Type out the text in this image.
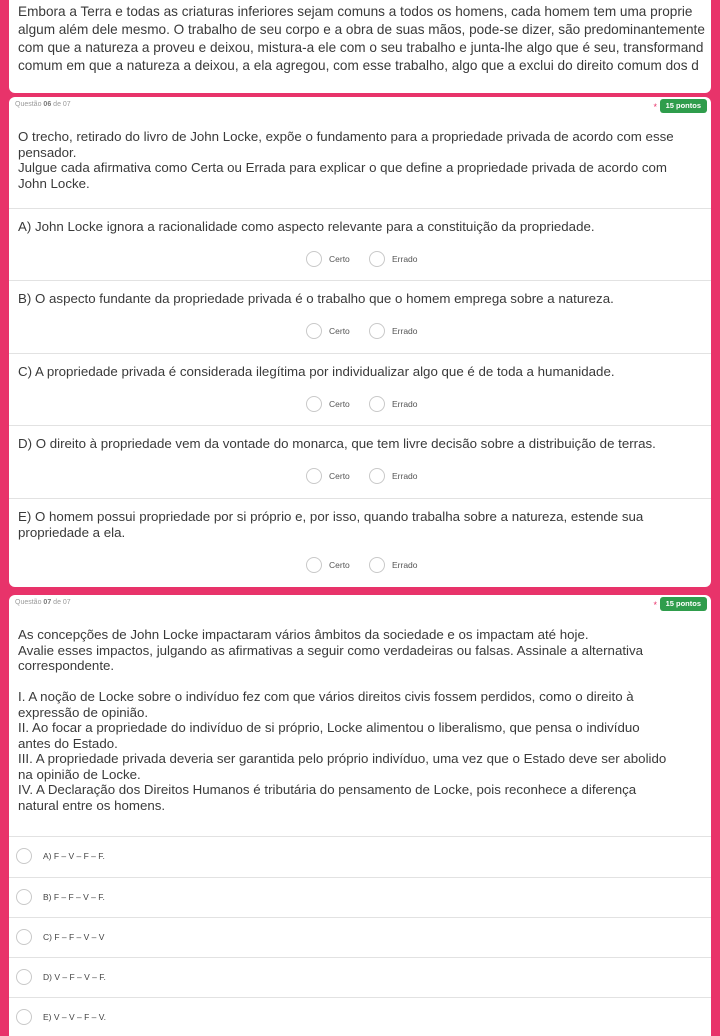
Embora a Terra e todas as criaturas inferiores sejam comuns a todos os homens, cada homem tem uma proprie
algum além dele mesmo. O trabalho de seu corpo e a obra de suas mãos, pode-se dizer, são predominantemente
com que a natureza a proveu e deixou, mistura-a ele com o seu trabalho e junta-lhe algo que é seu, transformand
comum em que a natureza a deixou, a ela agregou, com esse trabalho, algo que a exclui do direito comum dos d
Questão 06 de 07	*	15 pontos
O trecho, retirado do livro de John Locke, expõe o fundamento para a propriedade privada de acordo com esse
pensador.
Julgue cada afirmativa como Certa ou Errada para explicar o que define a propriedade privada de acordo com
John Locke.
A) John Locke ignora a racionalidade como aspecto relevante para a constituição da propriedade.
Certo	Errado
B) O aspecto fundante da propriedade privada é o trabalho que o homem emprega sobre a natureza.
Certo	Errado
C) A propriedade privada é considerada ilegítima por individualizar algo que é de toda a humanidade.
Certo	Errado
D) O direito à propriedade vem da vontade do monarca, que tem livre decisão sobre a distribuição de terras.
Certo	Errado
E) O homem possui propriedade por si próprio e, por isso, quando trabalha sobre a natureza, estende sua
propriedade a ela.
Certo	Errado
Questão 07 de 07	*	15 pontos
As concepções de John Locke impactaram vários âmbitos da sociedade e os impactam até hoje.
Avalie esses impactos, julgando as afirmativas a seguir como verdadeiras ou falsas. Assinale a alternativa
correspondente.
I. A noção de Locke sobre o indivíduo fez com que vários direitos civis fossem perdidos, como o direito à
expressão de opinião.
II. Ao focar a propriedade do indivíduo de si próprio, Locke alimentou o liberalismo, que pensa o indivíduo
antes do Estado.
III. A propriedade privada deveria ser garantida pelo próprio indivíduo, uma vez que o Estado deve ser abolido
na opinião de Locke.
IV. A Declaração dos Direitos Humanos é tributária do pensamento de Locke, pois reconhece a diferença
natural entre os homens.
A) F – V – F – F.
B) F – F – V – F.
C) F – F – V – V
D) V – F – V – F.
E) V – V – F – V.
